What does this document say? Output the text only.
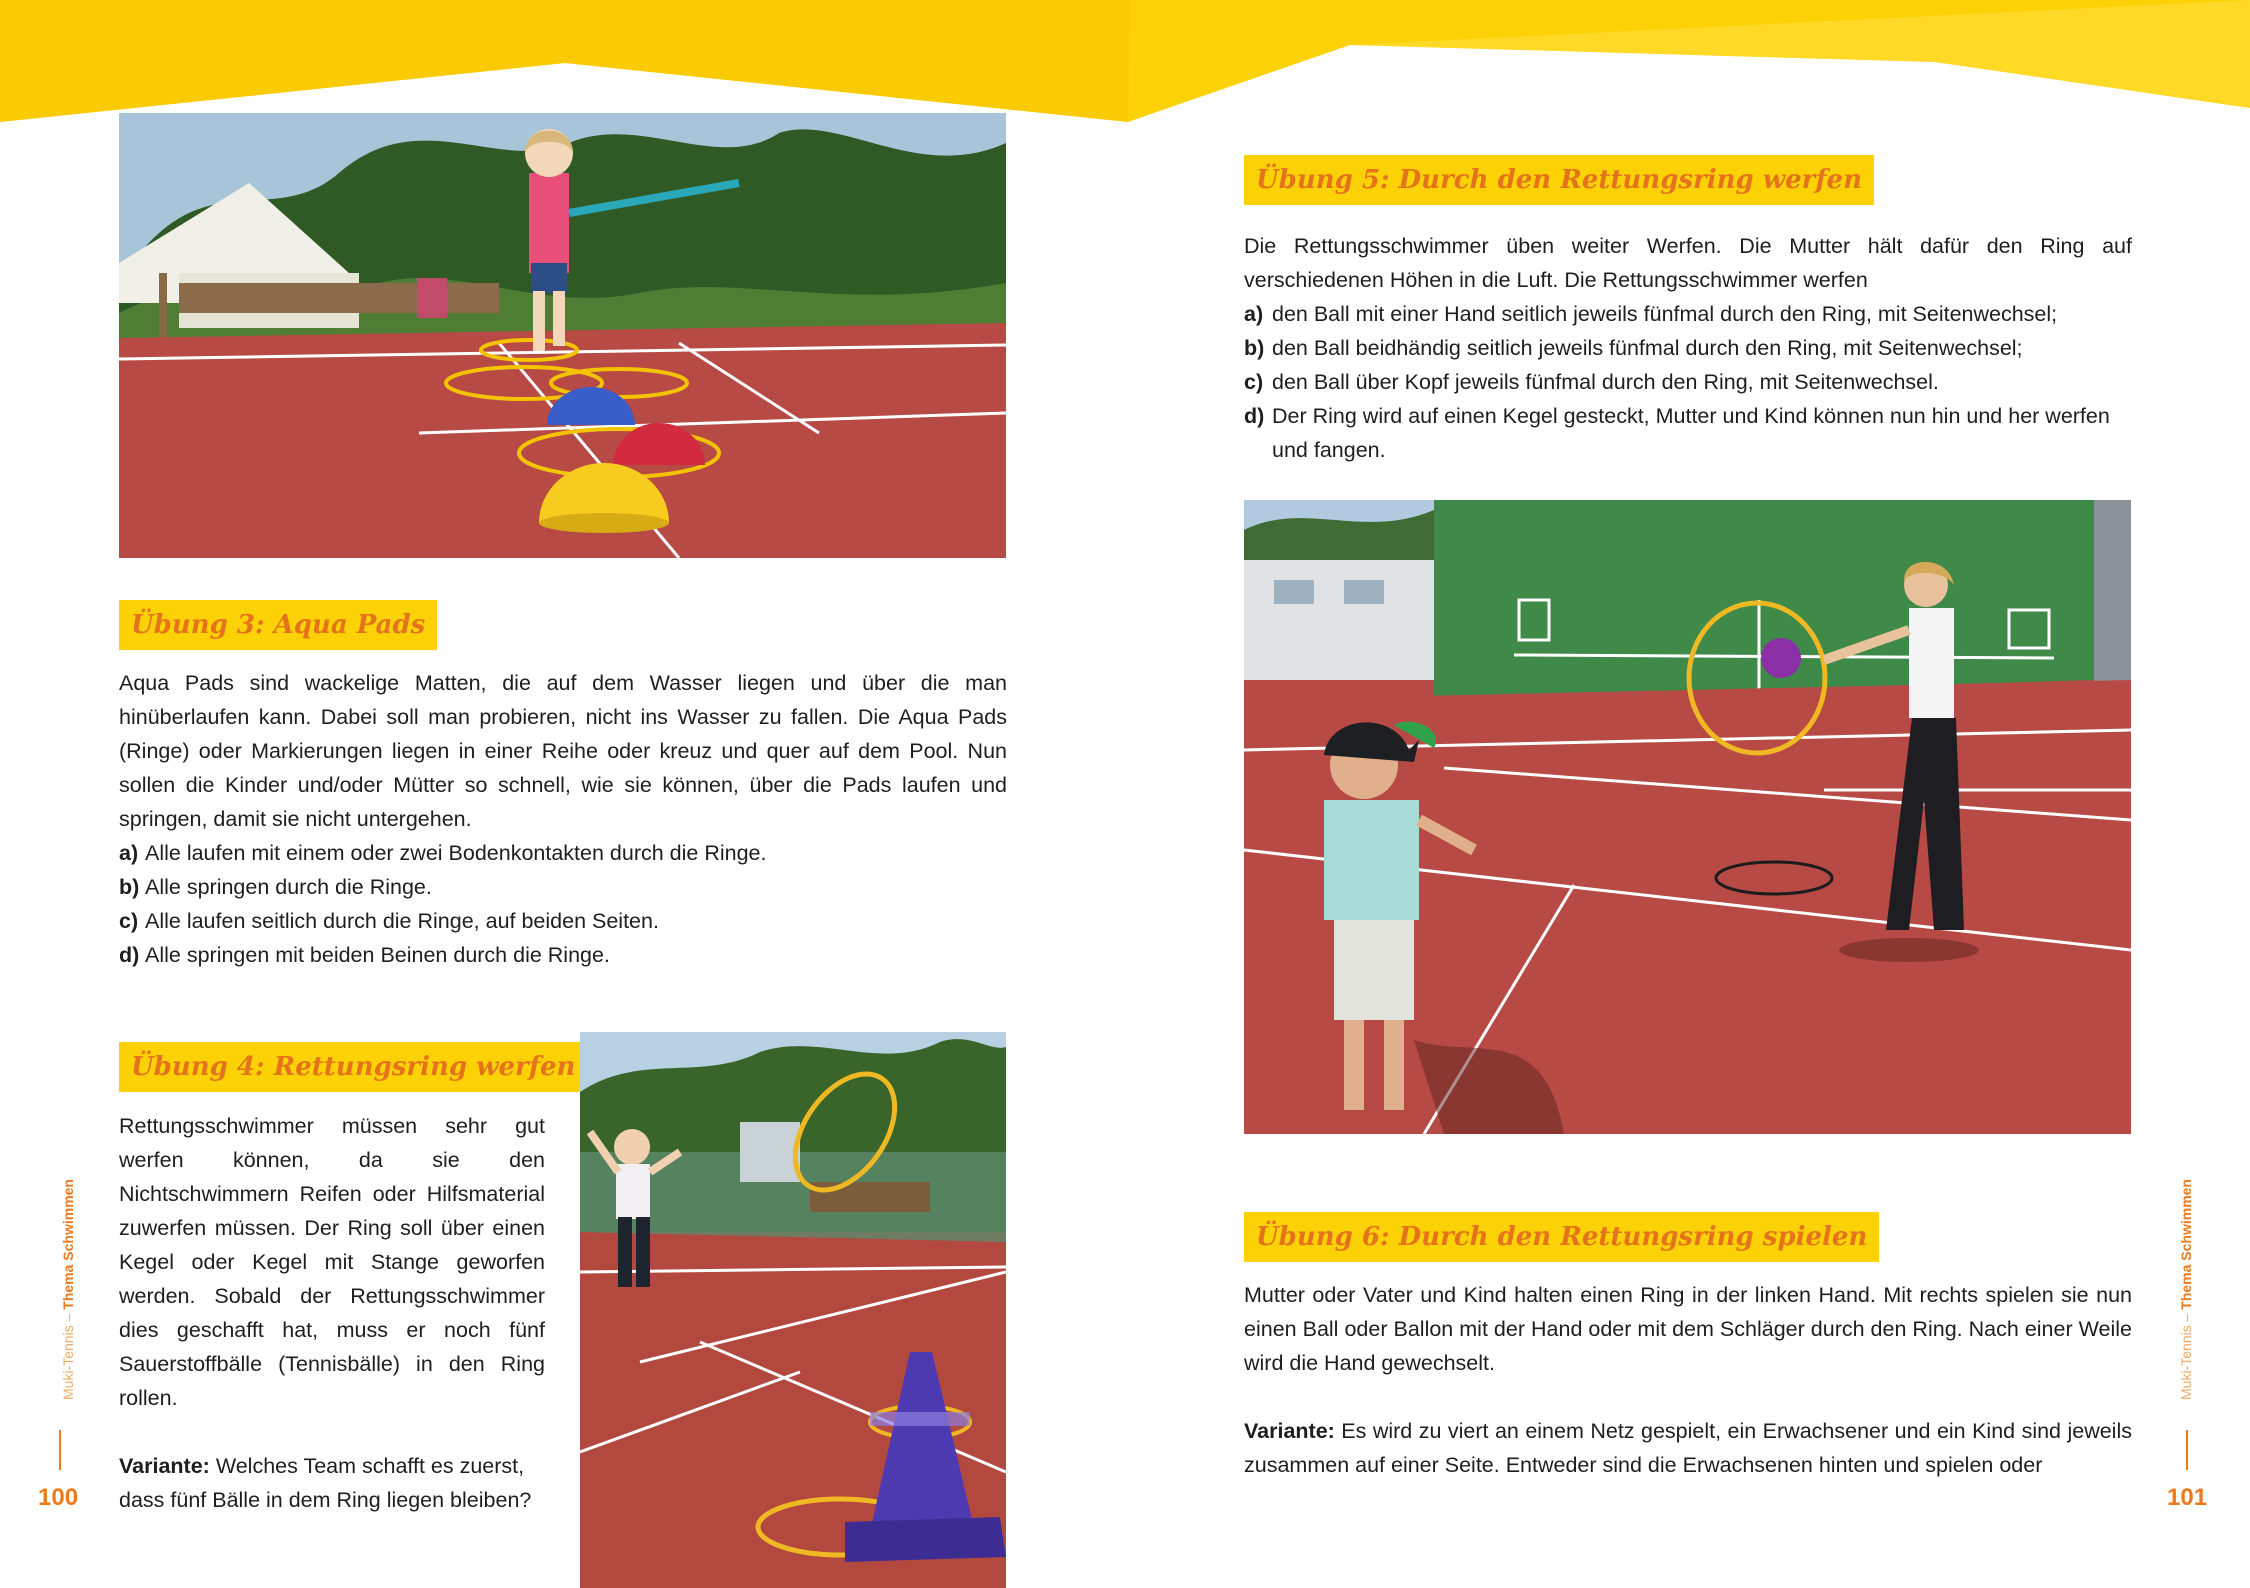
Übung 3: Aqua Pads

Aqua Pads sind wackelige Matten, die auf dem Wasser liegen und über die man hinüberlaufen kann. Dabei soll man probieren, nicht ins Wasser zu fallen. Die Aqua Pads (Ringe) oder Markierungen liegen in einer Reihe oder kreuz und quer auf dem Pool. Nun sollen die Kinder und/oder Mütter so schnell, wie sie können, über die Pads laufen und springen, damit sie nicht untergehen.

a) Alle laufen mit einem oder zwei Bodenkontakten durch die Ringe.
b) Alle springen durch die Ringe.
c) Alle laufen seitlich durch die Ringe, auf beiden Seiten.
d) Alle springen mit beiden Beinen durch die Ringe.
Übung 4: Rettungsring werfen

Rettungsschwimmer müssen sehr gut werfen können, da sie den Nichtschwimmern Reifen oder Hilfsmaterial zuwerfen müssen. Der Ring soll über einen Kegel oder Kegel mit Stange geworfen werden. Sobald der Rettungsschwimmer dies geschafft hat, muss er noch fünf Sauerstoffbälle (Tennisbälle) in den Ring rollen.

Variante: Welches Team schafft es zuerst, dass fünf Bälle in dem Ring liegen bleiben?

100
Muki-Tennis – Thema Schwimmen
Übung 5: Durch den Rettungsring werfen

Die Rettungsschwimmer üben weiter Werfen. Die Mutter hält dafür den Ring auf verschiedenen Höhen in die Luft. Die Rettungsschwimmer werfen

a) den Ball mit einer Hand seitlich jeweils fünfmal durch den Ring, mit Seitenwechsel;
b) den Ball beidhändig seitlich jeweils fünfmal durch den Ring, mit Seitenwechsel;
c) den Ball über Kopf jeweils fünfmal durch den Ring, mit Seitenwechsel.
d) Der Ring wird auf einen Kegel gesteckt, Mutter und Kind können nun hin und her werfen und fangen.
Übung 6: Durch den Rettungsring spielen

Mutter oder Vater und Kind halten einen Ring in der linken Hand. Mit rechts spielen sie nun einen Ball oder Ballon mit der Hand oder mit dem Schläger durch den Ring. Nach einer Weile wird die Hand gewechselt.

Variante: Es wird zu viert an einem Netz gespielt, ein Erwachsener und ein Kind sind jeweils zusammen auf einer Seite. Entweder sind die Erwachsenen hinten und spielen oder

101
Muki-Tennis – Thema Schwimmen
